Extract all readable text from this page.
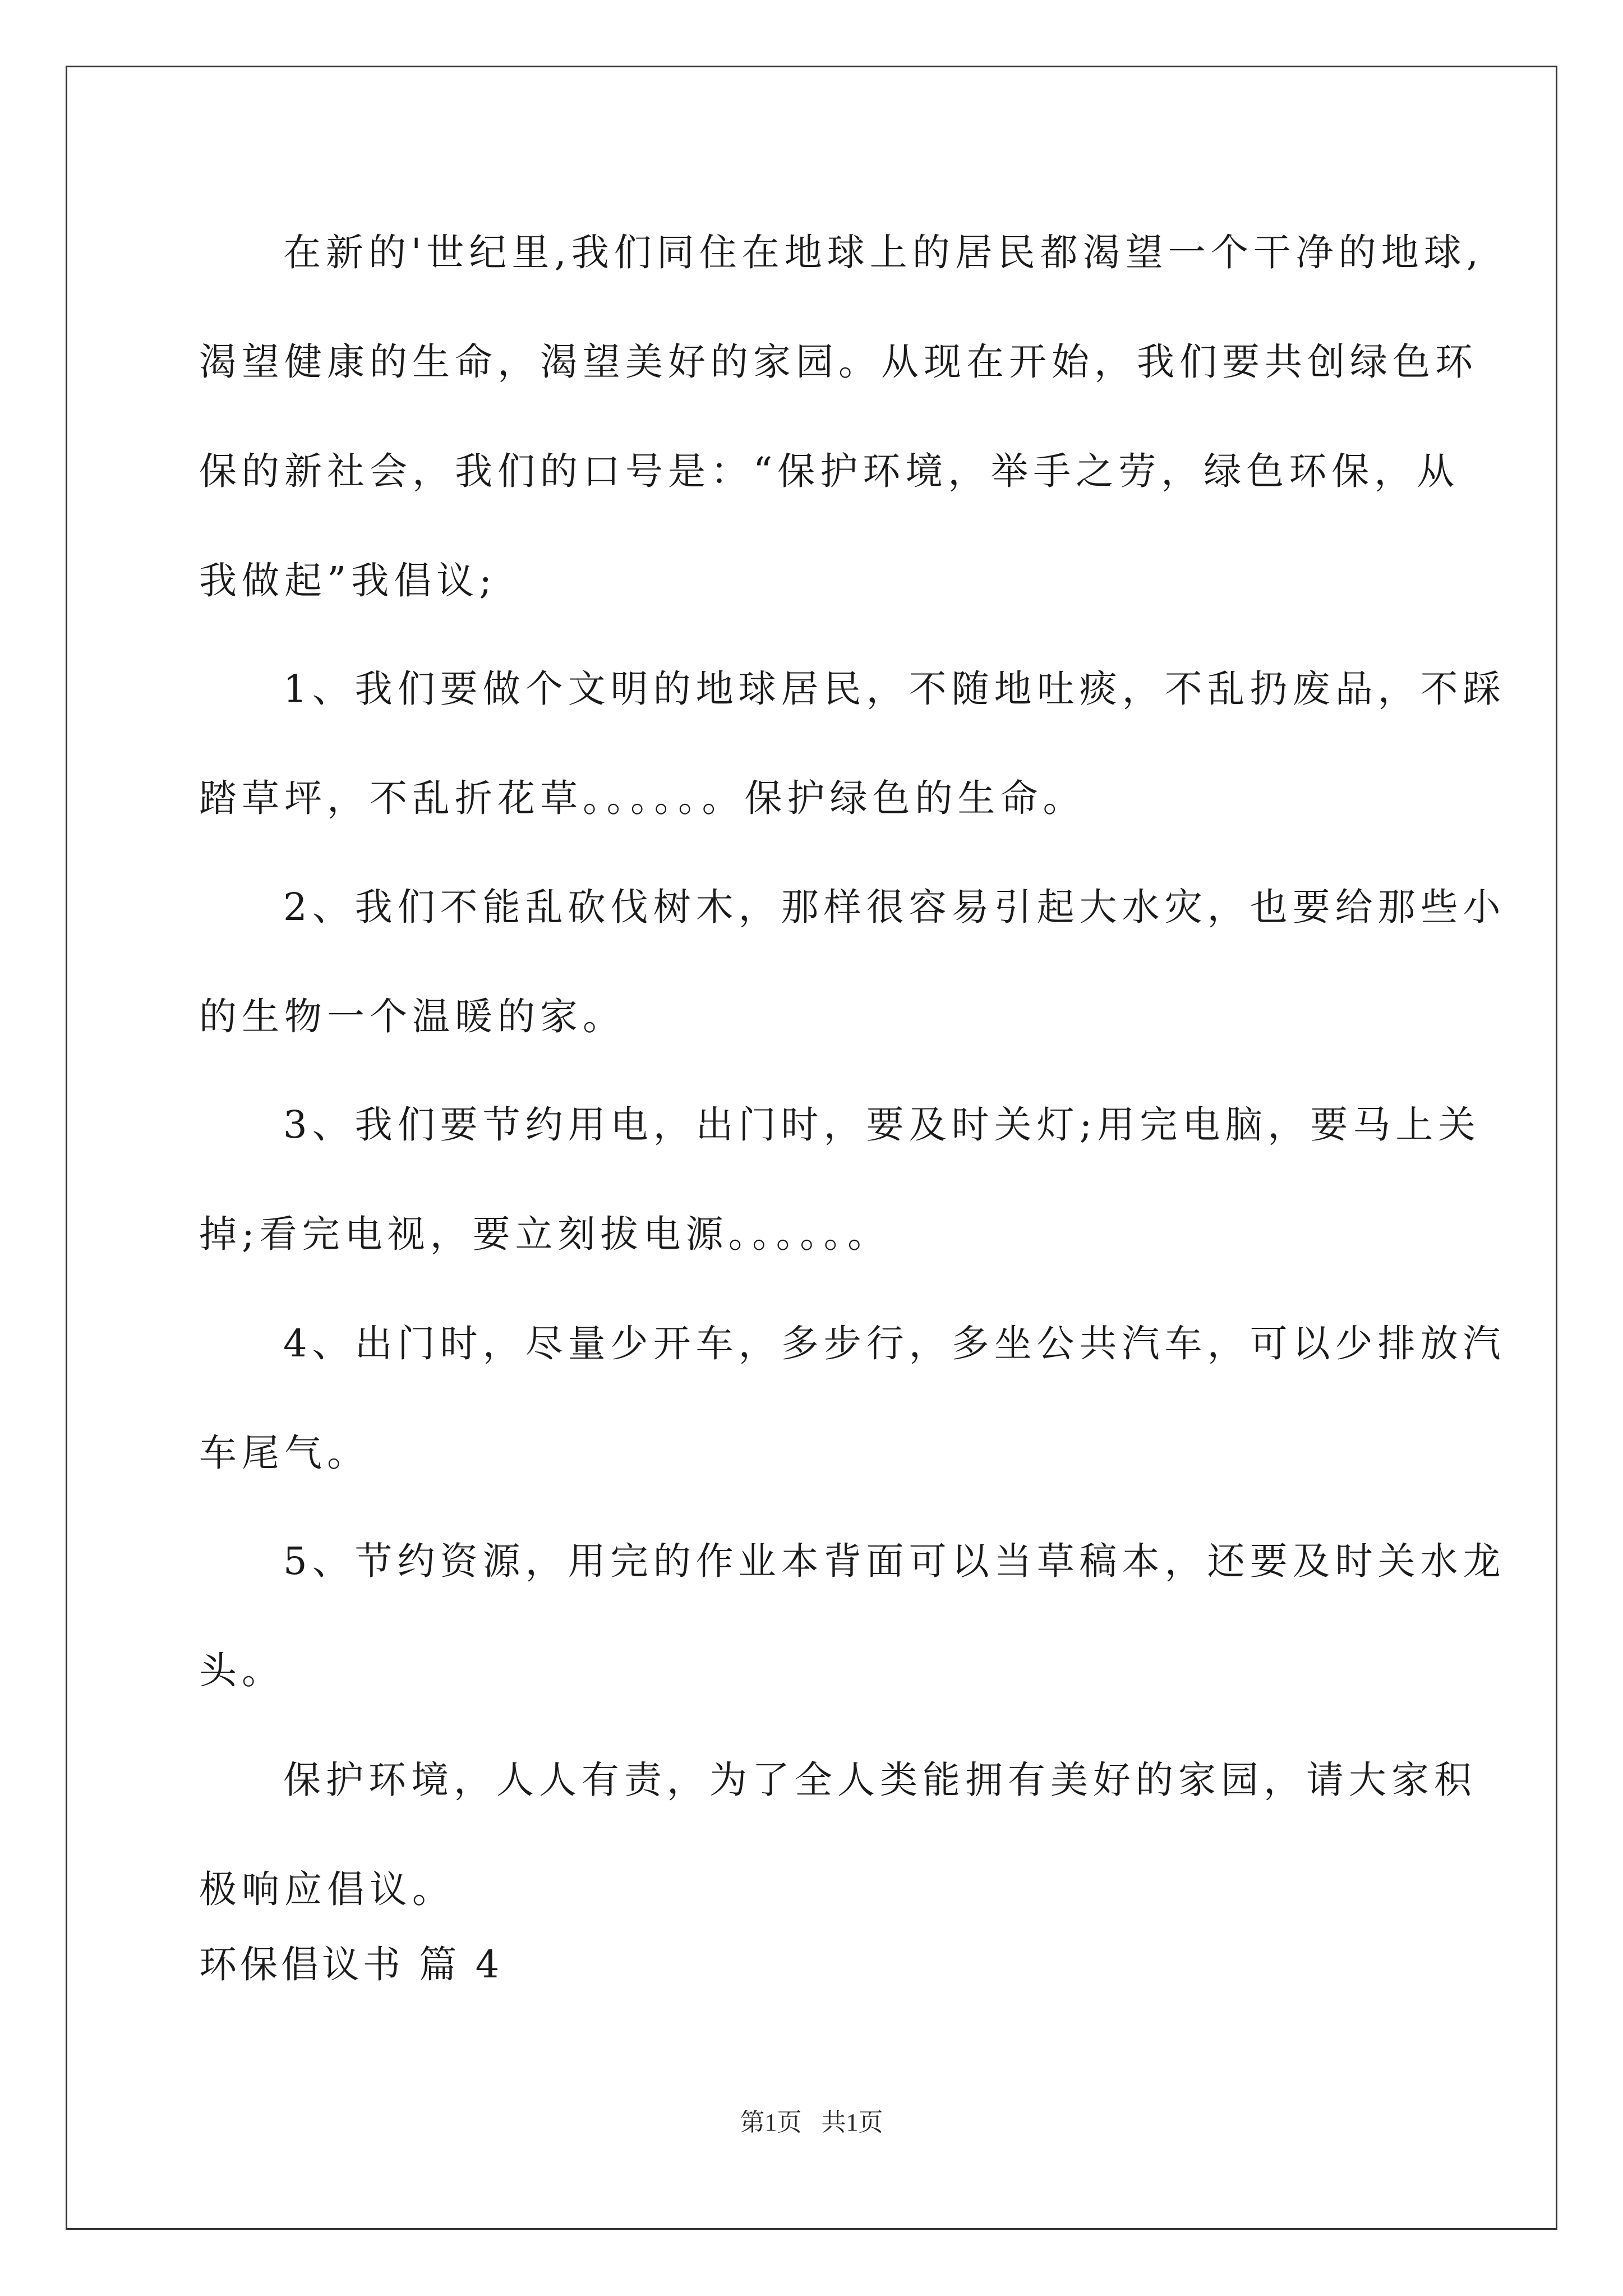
在新的'世纪里,我们同住在地球上的居民都渴望一个干净的地球,
渴望健康的生命，渴望美好的家园。从现在开始，我们要共创绿色环
保的新社会，我们的口号是：“保护环境，举手之劳，绿色环保，从
我做起”我倡议;
1、我们要做个文明的地球居民，不随地吐痰，不乱扔废品，不踩
踏草坪，不乱折花草。。。。。。保护绿色的生命。
2、我们不能乱砍伐树木，那样很容易引起大水灾，也要给那些小
的生物一个温暖的家。
3、我们要节约用电，出门时，要及时关灯;用完电脑，要马上关
掉;看完电视，要立刻拔电源。。。。。。
4、出门时，尽量少开车，多步行，多坐公共汽车，可以少排放汽
车尾气。
5、节约资源，用完的作业本背面可以当草稿本，还要及时关水龙
头。
保护环境，人人有责，为了全人类能拥有美好的家园，请大家积
极响应倡议。
环保倡议书 篇 4
第1页 共1页
